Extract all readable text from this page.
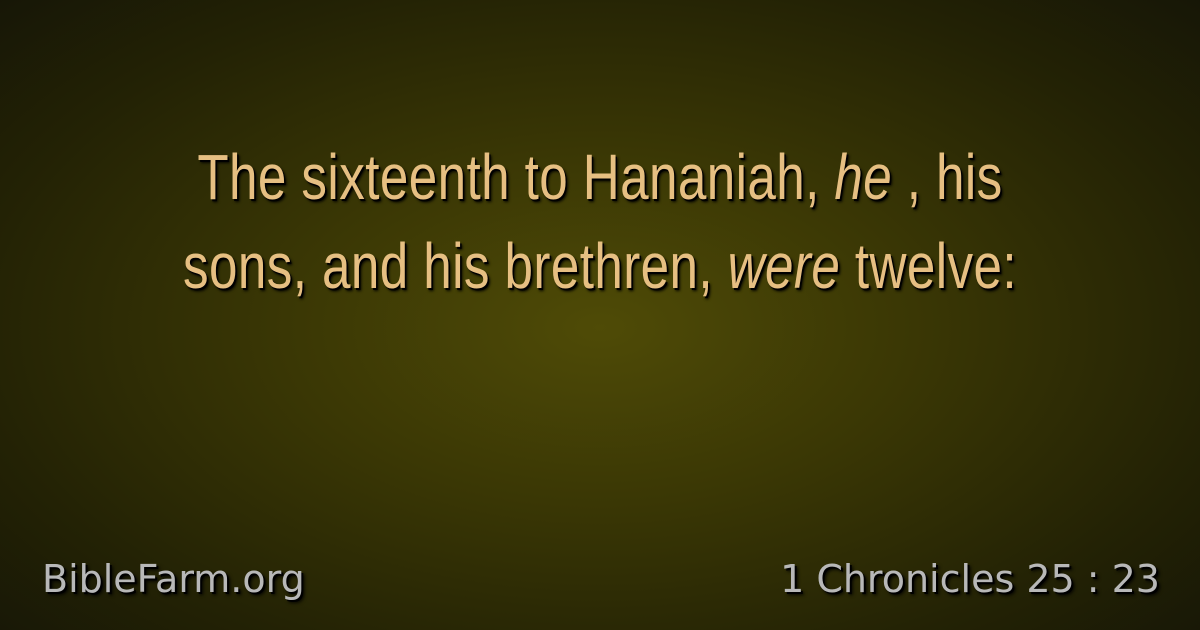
The sixteenth to Hananiah, he , his sons, and his brethren, were twelve:
BibleFarm.org	1 Chronicles 25 : 23
